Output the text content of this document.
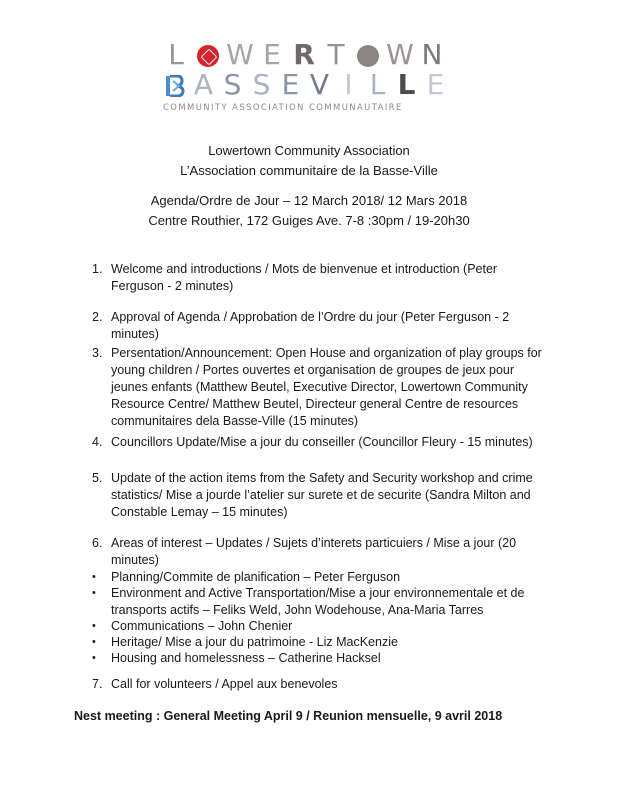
L W E R T W N
A S S E V I L L E
COMMUNITY ASSOCIATION COMMUNAUTAIRE
Lowertown Community Association
L’Association communitaire de la Basse-Ville
Agenda/Ordre de Jour – 12 March 2018/ 12 Mars 2018
Centre Routhier, 172 Guiges Ave. 7-8 :30pm / 19-20h30
1. Welcome and introductions / Mots de bienvenue et introduction (Peter Ferguson - 2 minutes)
2. Approval of Agenda / Approbation de l’Ordre du jour (Peter Ferguson - 2 minutes)
3. Persentation/Announcement: Open House and organization of play groups for young children / Portes ouvertes et organisation de groupes de jeux pour jeunes enfants (Matthew Beutel, Executive Director, Lowertown Community Resource Centre/ Matthew Beutel, Directeur general Centre de resources communitaires dela Basse-Ville (15 minutes)
4. Councillors Update/Mise a jour du conseiller (Councillor Fleury - 15 minutes)
5. Update of the action items from the Safety and Security workshop and crime statistics/ Mise a jourde l’atelier sur surete et de securite (Sandra Milton and Constable Lemay – 15 minutes)
6. Areas of interest – Updates / Sujets d’interets particuiers / Mise a jour (20 minutes)
•	Planning/Commite de planification – Peter Ferguson
•	Environment and Active Transportation/Mise a jour environnementale et de transports actifs – Feliks Weld, John Wodehouse, Ana-Maria Tarres
•	Communications – John Chenier
•	Heritage/ Mise a jour du patrimoine - Liz MacKenzie
•	Housing and homelessness – Catherine Hacksel
7. Call for volunteers / Appel aux benevoles
Nest meeting : General Meeting April 9 / Reunion mensuelle, 9 avril 2018
